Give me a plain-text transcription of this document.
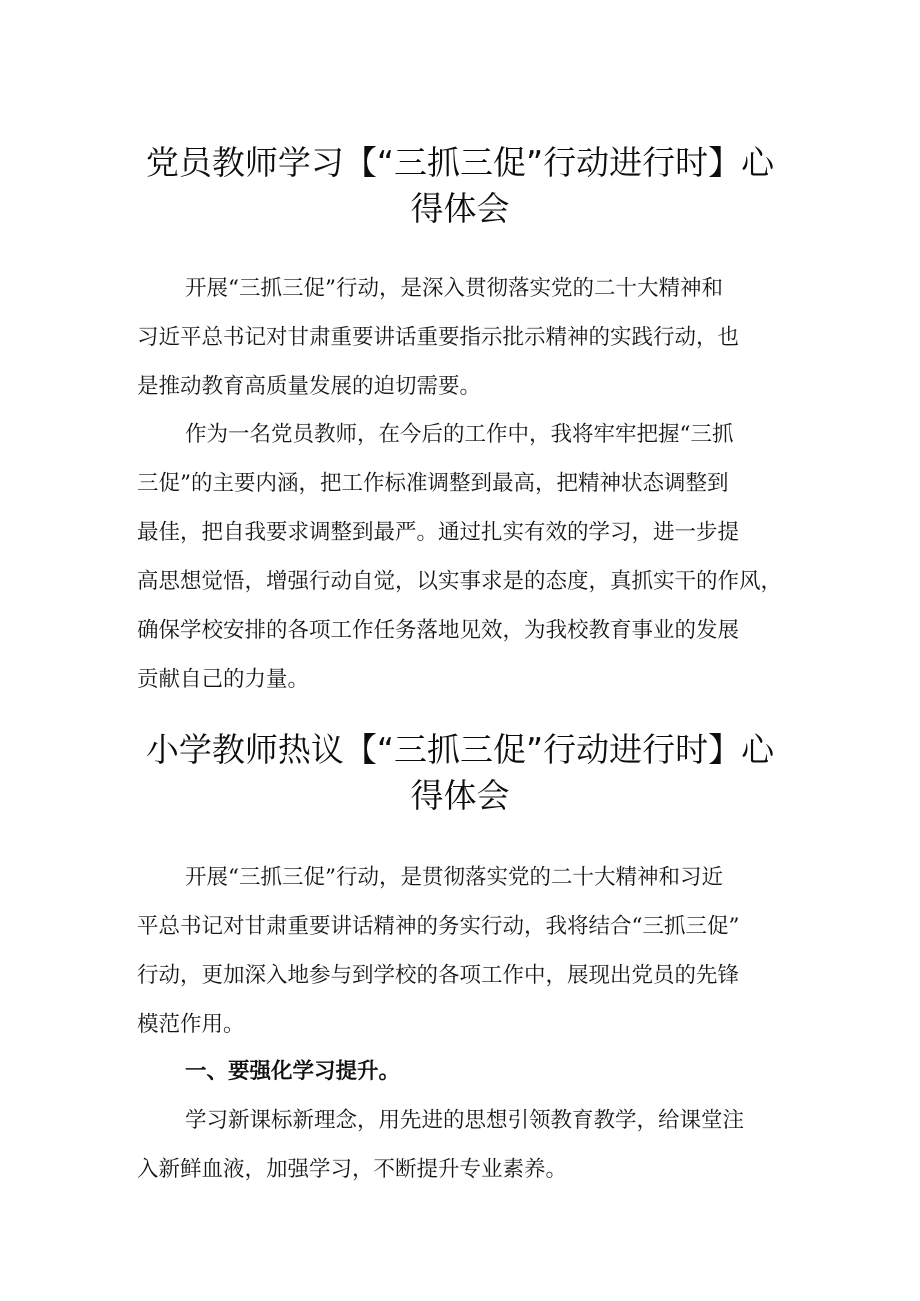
党员教师学习【“三抓三促”行动进行时】心
得体会

开展“三抓三促”行动，是深入贯彻落实党的二十大精神和
习近平总书记对甘肃重要讲话重要指示批示精神的实践行动，也
是推动教育高质量发展的迫切需要。

作为一名党员教师，在今后的工作中，我将牢牢把握“三抓
三促”的主要内涵，把工作标准调整到最高，把精神状态调整到
最佳，把自我要求调整到最严。通过扎实有效的学习，进一步提
高思想觉悟，增强行动自觉，以实事求是的态度，真抓实干的作风，
确保学校安排的各项工作任务落地见效，为我校教育事业的发展
贡献自己的力量。

小学教师热议【“三抓三促”行动进行时】心
得体会

开展“三抓三促”行动，是贯彻落实党的二十大精神和习近
平总书记对甘肃重要讲话精神的务实行动，我将结合“三抓三促”
行动，更加深入地参与到学校的各项工作中，展现出党员的先锋
模范作用。

一、要强化学习提升。

学习新课标新理念，用先进的思想引领教育教学，给课堂注
入新鲜血液，加强学习，不断提升专业素养。
